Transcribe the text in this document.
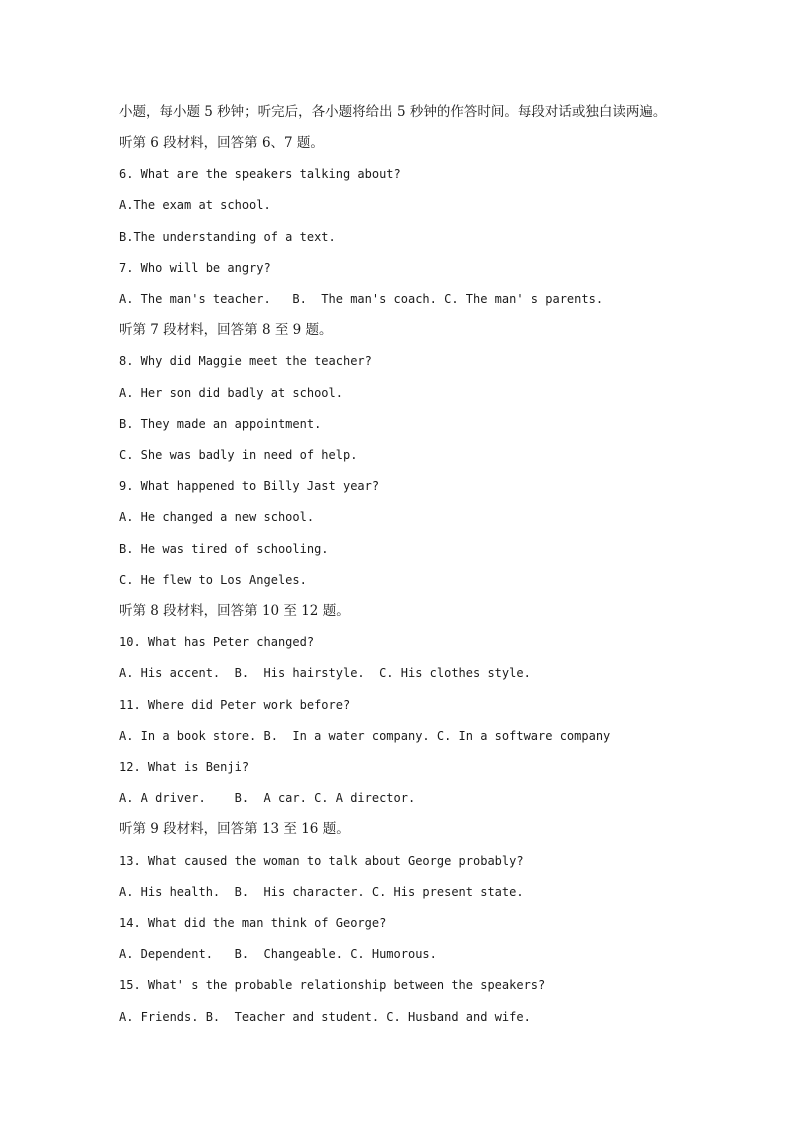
小题，每小题 5 秒钟；听完后，各小题将给出 5 秒钟的作答时间。每段对话或独白读两遍。
听第 6 段材料，回答第 6、7 题。
6. What are the speakers talking about?
A.The exam at school.
B.The understanding of a text.
7. Who will be angry?
A. The man's teacher.   B.  The man's coach. C. The man' s parents.
听第 7 段材料，回答第 8 至 9 题。
8. Why did Maggie meet the teacher?
A. Her son did badly at school.
B. They made an appointment.
C. She was badly in need of help.
9. What happened to Billy Jast year?
A. He changed a new school.
B. He was tired of schooling.
C. He flew to Los Angeles.
听第 8 段材料，回答第 10 至 12 题。
10. What has Peter changed?
A. His accent.  B.  His hairstyle.  C. His clothes style.
11. Where did Peter work before?
A. In a book store. B.  In a water company. C. In a software company
12. What is Benji?
A. A driver.    B.  A car. C. A director.
听第 9 段材料，回答第 13 至 16 题。
13. What caused the woman to talk about George probably?
A. His health.  B.  His character. C. His present state.
14. What did the man think of George?
A. Dependent.   B.  Changeable. C. Humorous.
15. What' s the probable relationship between the speakers?
A. Friends. B.  Teacher and student. C. Husband and wife.
